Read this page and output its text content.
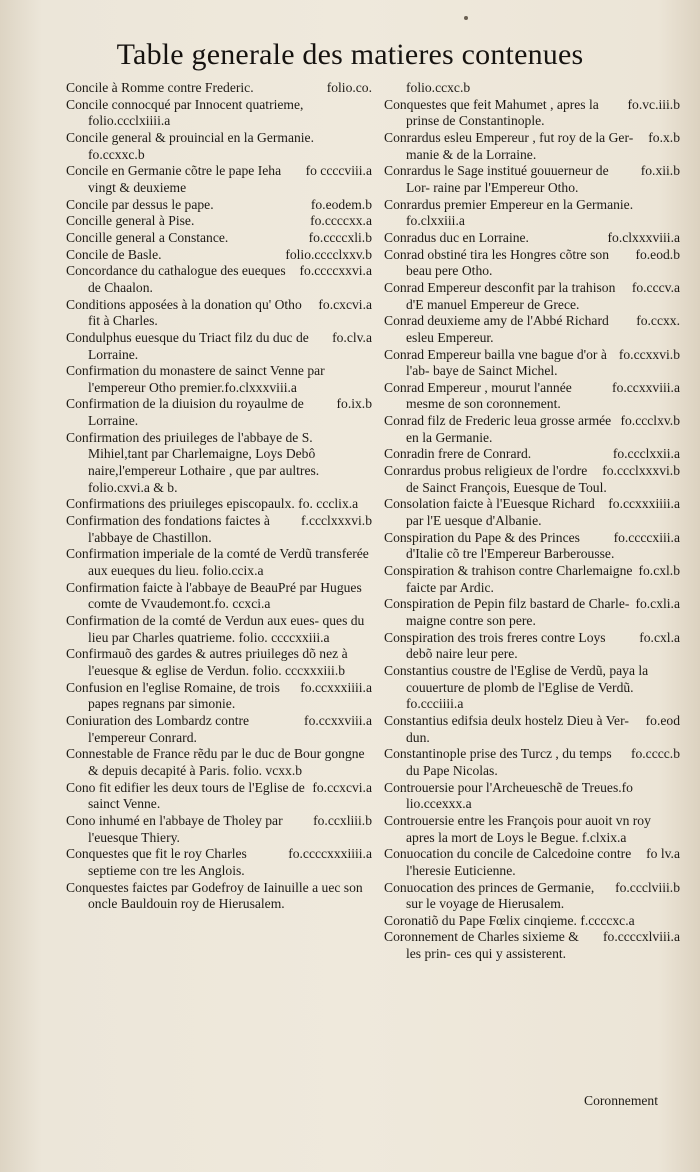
Table generale des matieres contenues
folio.co.
Concile à Romme contre Frederic.
Concile connocqué par Innocent quatrieme, folio.ccclxiiii.a
Concile general & prouincial en la Germanie. fo.ccxxc.b
fo ccccviii.a
Concile en Germanie cõtre le pape Ieha vingt & deuxieme
fo.eodem.b
Concile par dessus le pape.
fo.ccccxx.a
Concille general à Pise.
fo.ccccxli.b
Concille general a Constance.
folio.cccclxxv.b
Concile de Basle.
fo.ccccxxvi.a
Concordance du cathalogue des eueques de Chaalon.
fo.cxcvi.a
Conditions apposées à la donation qu' Otho fit à Charles.
fo.clv.a
Condulphus euesque du Triact filz du duc de Lorraine.
Confirmation du monastere de sainct Venne par l'empereur Otho premier.fo.clxxxviii.a
fo.ix.b
Confirmation de la diuision du royaulme de Lorraine.
Confirmation des priuileges de l'abbaye de S. Mihiel,tant par Charlemaigne, Loys Debô naire,l'empereur Lothaire , que par aultres. folio.cxvi.a & b.
Confirmations des priuileges episcopaulx. fo. ccclix.a
f.ccclxxxvi.b
Confirmation des fondations faictes à l'abbaye de Chastillon.
Confirmation imperiale de la comté de Verdũ transferée aux eueques du lieu. folio.ccix.a
Confirmation faicte à l'abbaye de BeauPré par Hugues comte de Vvaudemont.fo. ccxci.a
Confirmation de la comté de Verdun aux eues- ques du lieu par Charles quatrieme. folio. ccccxxiii.a
Confirmauõ des gardes & autres priuileges dõ nez à l'euesque & eglise de Verdun. folio. cccxxxiii.b
fo.ccxxxiiii.a
Confusion en l'eglise Romaine, de trois papes regnans par simonie.
fo.ccxxviii.a
Coniuration des Lombardz contre l'empereur Conrard.
Connestable de France rẽdu par le duc de Bour gongne & depuis decapité à Paris. folio. vcxx.b
fo.ccxcvi.a
Cono fit edifier les deux tours de l'Eglise de sainct Venne.
fo.ccxliii.b
Cono inhumé en l'abbaye de Tholey par l'euesque Thiery.
fo.ccccxxxiiii.a
Conquestes que fit le roy Charles septieme con tre les Anglois.
Conquestes faictes par Godefroy de Iainuille a uec son oncle Bauldouin roy de Hierusalem.
folio.ccxc.b
fo.vc.iii.b
Conquestes que feit Mahumet , apres la prinse de Constantinople.
fo.x.b
Conrardus esleu Empereur , fut roy de la Ger- manie & de la Lorraine.
fo.xii.b
Conrardus le Sage institué gouuerneur de Lor- raine par l'Empereur Otho.
Conrardus premier Empereur en la Germanie. fo.clxxiii.a
fo.clxxxviii.a
Conradus duc en Lorraine.
fo.eod.b
Conrad obstiné tira les Hongres cõtre son beau pere Otho.
fo.cccv.a
Conrad Empereur desconfit par la trahison d'E manuel Empereur de Grece.
fo.ccxx.
Conrad deuxieme amy de l'Abbé Richard esleu Empereur.
fo.ccxxvi.b
Conrad Empereur bailla vne bague d'or à l'ab- baye de Sainct Michel.
fo.ccxxviii.a
Conrad Empereur , mourut l'année mesme de son coronnement.
fo.ccclxv.b
Conrad filz de Frederic leua grosse armée en la Germanie.
fo.ccclxxii.a
Conradin frere de Conrard.
fo.ccclxxxvi.b
Conrardus probus religieux de l'ordre de Sainct François, Euesque de Toul.
fo.ccxxxiiii.a
Consolation faicte à l'Euesque Richard par l'E uesque d'Albanie.
fo.ccccxiii.a
Conspiration du Pape & des Princes d'Italie cõ tre l'Empereur Barberousse.
fo.cxl.b
Conspiration & trahison contre Charlemaigne faicte par Ardic.
fo.cxli.a
Conspiration de Pepin filz bastard de Charle- maigne contre son pere.
fo.cxl.a
Conspiration des trois freres contre Loys debõ naire leur pere.
Constantius coustre de l'Eglise de Verdũ, paya la couuerture de plomb de l'Eglise de Verdũ. fo.ccciiii.a
fo.eod
Constantius edifsia deulx hostelz Dieu à Ver- dun.
fo.cccc.b
Constantinople prise des Turcz , du temps du Pape Nicolas.
Controuersie pour l'Archeueschẽ de Treues.fo lio.ccexxx.a
Controuersie entre les François pour auoit vn roy apres la mort de Loys le Begue. f.clxix.a
fo lv.a
Conuocation du concile de Calcedoine contre l'heresie Euticienne.
fo.ccclviii.b
Conuocation des princes de Germanie, sur le voyage de Hierusalem.
Coronatiõ du Pape Fœlix cinqieme. f.ccccxc.a
fo.ccccxlviii.a
Coronnement de Charles sixieme & les prin- ces qui y assisterent.
Coronnement
